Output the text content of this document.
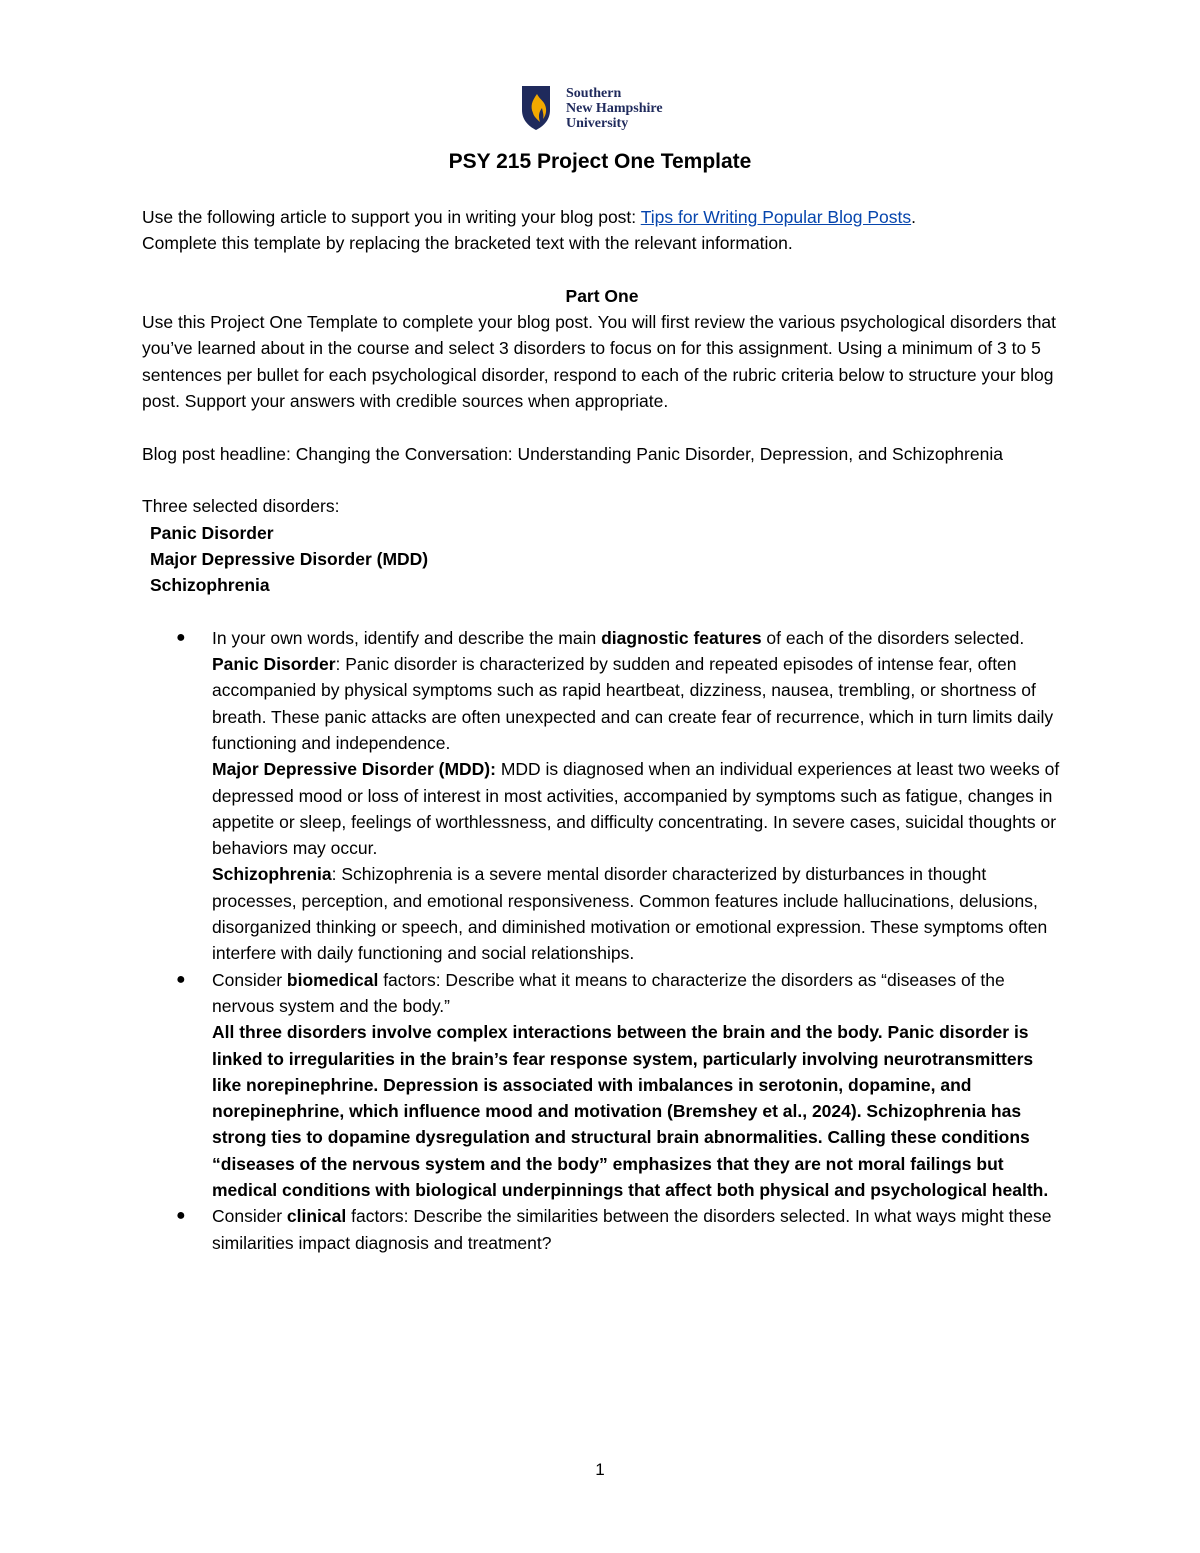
Southern
New Hampshire
University
PSY 215 Project One Template

Use the following article to support you in writing your blog post: Tips for Writing Popular Blog Posts.
Complete this template by replacing the bracketed text with the relevant information.

Part One

Use this Project One Template to complete your blog post. You will first review the various psychological disorders that you’ve learned about in the course and select 3 disorders to focus on for this assignment. Using a minimum of 3 to 5 sentences per bullet for each psychological disorder, respond to each of the rubric criteria below to structure your blog post. Support your answers with credible sources when appropriate.

Blog post headline: Changing the Conversation: Understanding Panic Disorder, Depression, and Schizophrenia

Three selected disorders:

Panic Disorder
Major Depressive Disorder (MDD)
Schizophrenia
● In your own words, identify and describe the main diagnostic features of each of the disorders selected.
Panic Disorder: Panic disorder is characterized by sudden and repeated episodes of intense fear, often accompanied by physical symptoms such as rapid heartbeat, dizziness, nausea, trembling, or shortness of breath. These panic attacks are often unexpected and can create fear of recurrence, which in turn limits daily functioning and independence.
Major Depressive Disorder (MDD): MDD is diagnosed when an individual experiences at least two weeks of depressed mood or loss of interest in most activities, accompanied by symptoms such as fatigue, changes in appetite or sleep, feelings of worthlessness, and difficulty concentrating. In severe cases, suicidal thoughts or behaviors may occur.
Schizophrenia: Schizophrenia is a severe mental disorder characterized by disturbances in thought processes, perception, and emotional responsiveness. Common features include hallucinations, delusions, disorganized thinking or speech, and diminished motivation or emotional expression. These symptoms often interfere with daily functioning and social relationships.
● Consider biomedical factors: Describe what it means to characterize the disorders as “diseases of the nervous system and the body.”
All three disorders involve complex interactions between the brain and the body. Panic disorder is linked to irregularities in the brain’s fear response system, particularly involving neurotransmitters like norepinephrine. Depression is associated with imbalances in serotonin, dopamine, and norepinephrine, which influence mood and motivation (Bremshey et al., 2024). Schizophrenia has strong ties to dopamine dysregulation and structural brain abnormalities. Calling these conditions “diseases of the nervous system and the body” emphasizes that they are not moral failings but medical conditions with biological underpinnings that affect both physical and psychological health.
● Consider clinical factors: Describe the similarities between the disorders selected. In what ways might these similarities impact diagnosis and treatment?
1
